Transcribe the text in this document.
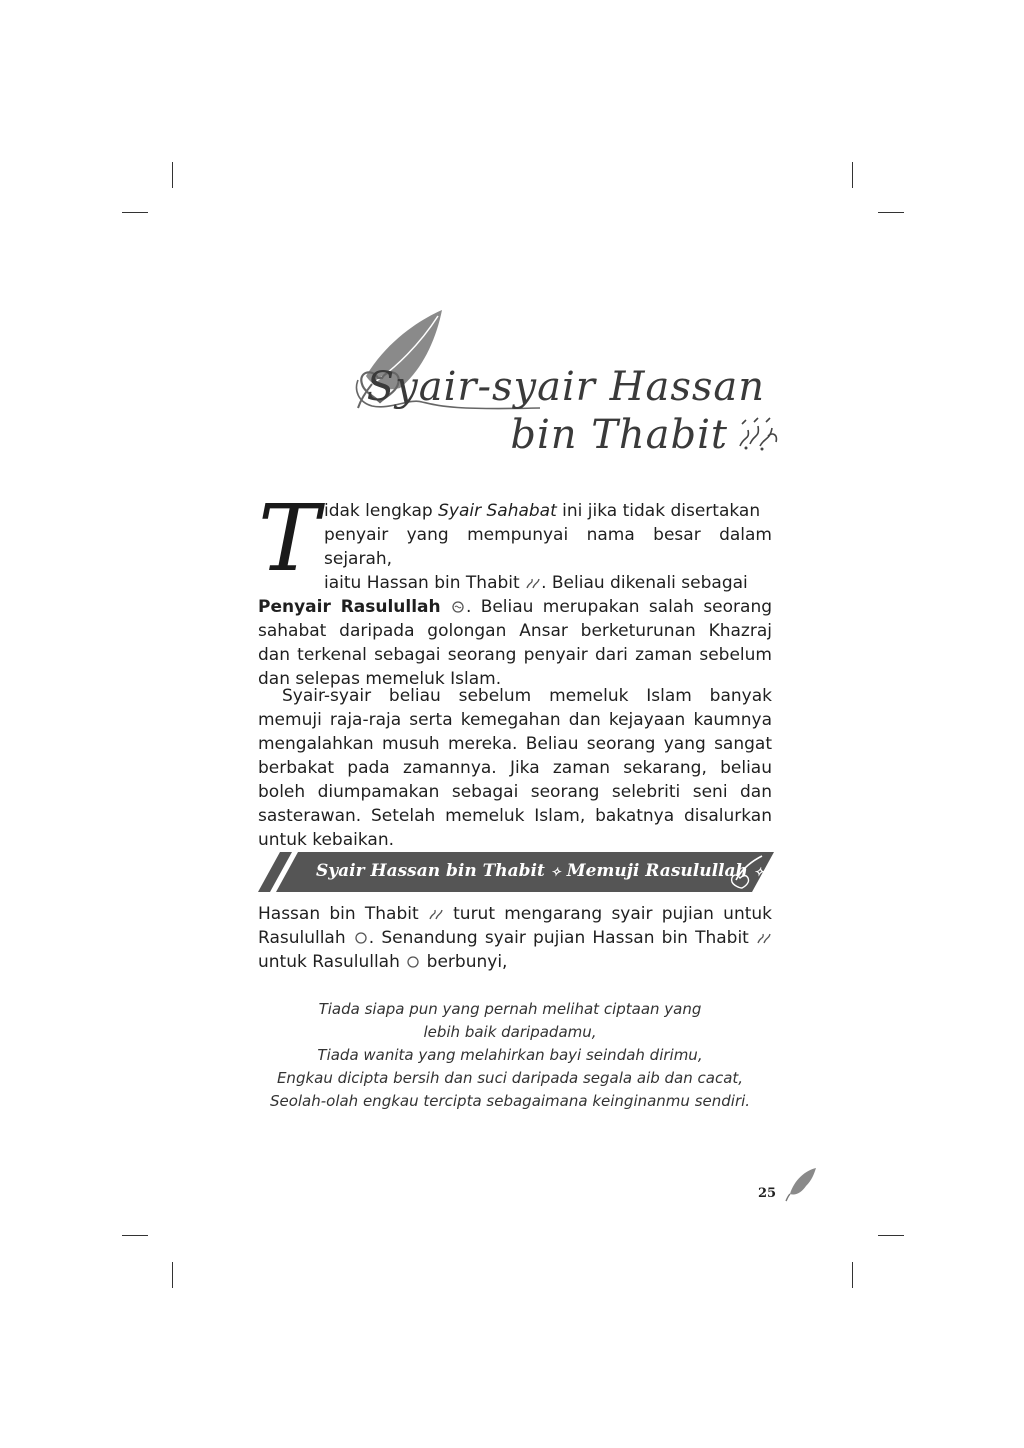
Syair-syair Hassan
bin Thabit

T idak lengkap Syair Sahabat ini jika tidak disertakan
penyair yang mempunyai nama besar dalam sejarah,
iaitu Hassan bin Thabit . Beliau dikenali sebagai
Penyair Rasulullah . Beliau merupakan salah seorang sahabat daripada golongan Ansar berketurunan Khazraj dan terkenal sebagai seorang penyair dari zaman sebelum dan selepas memeluk Islam.

Syair-syair beliau sebelum memeluk Islam banyak memuji raja-raja serta kemegahan dan kejayaan kaumnya mengalahkan musuh mereka. Beliau seorang yang sangat berbakat pada zamannya. Jika zaman sekarang, beliau boleh diumpamakan sebagai seorang selebriti seni dan sasterawan. Setelah memeluk Islam, bakatnya disalurkan untuk kebaikan.

Syair Hassan bin Thabit ✧ Memuji Rasulullah ✧

Hassan bin Thabit  turut mengarang syair pujian untuk Rasulullah . Senandung syair pujian Hassan bin Thabit  untuk Rasulullah  berbunyi,

Tiada siapa pun yang pernah melihat ciptaan yang
lebih baik daripadamu,
Tiada wanita yang melahirkan bayi seindah dirimu,
Engkau dicipta bersih dan suci daripada segala aib dan cacat,
Seolah-olah engkau tercipta sebagaimana keinginanmu sendiri.
25
